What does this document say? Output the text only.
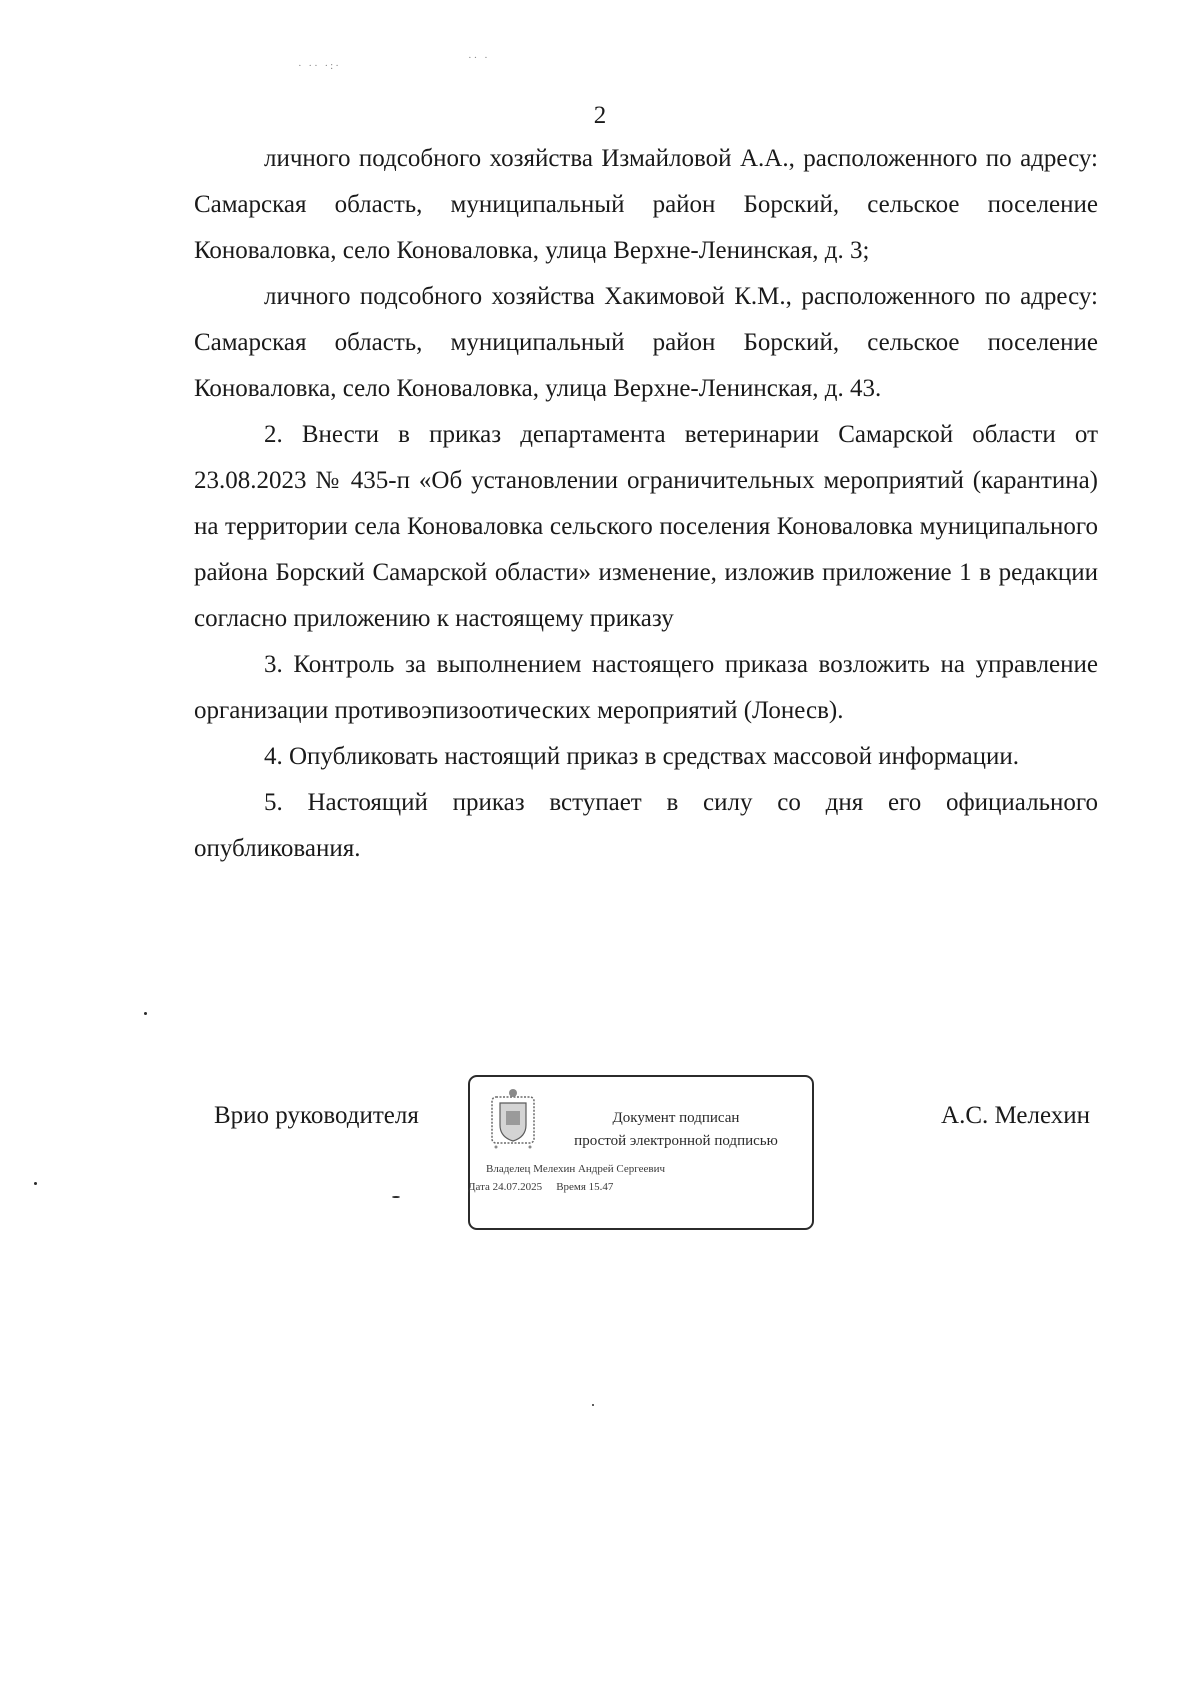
· ·· ·:·
·· ·
2

личного подсобного хозяйства Измайловой А.А., расположенного по адресу: Самарская область, муниципальный район Борский, сельское поселение Коноваловка, село Коноваловка, улица Верхне-Ленинская, д. 3;

личного подсобного хозяйства Хакимовой К.М., расположенного по адресу: Самарская область, муниципальный район Борский, сельское поселение Коноваловка, село Коноваловка, улица Верхне-Ленинская, д. 43.

2. Внести в приказ департамента ветеринарии Самарской области от 23.08.2023 № 435-п «Об установлении ограничительных мероприятий (карантина) на территории села Коноваловка сельского поселения Коноваловка муниципального района Борский Самарской области» изменение, изложив приложение 1 в редакции согласно приложению к настоящему приказу

3. Контроль за выполнением настоящего приказа возложить на управление организации противоэпизоотических мероприятий (Лонесв).

4. Опубликовать настоящий приказ в средствах массовой информации.

5. Настоящий приказ вступает в силу со дня его официального опубликования.

Врио руководителя	Документ подписан
простой электронной подписью
Владелец Мелехин Андрей Сергеевич
Дата 24.07.2025 Время 15.47
А.С. Мелехин
